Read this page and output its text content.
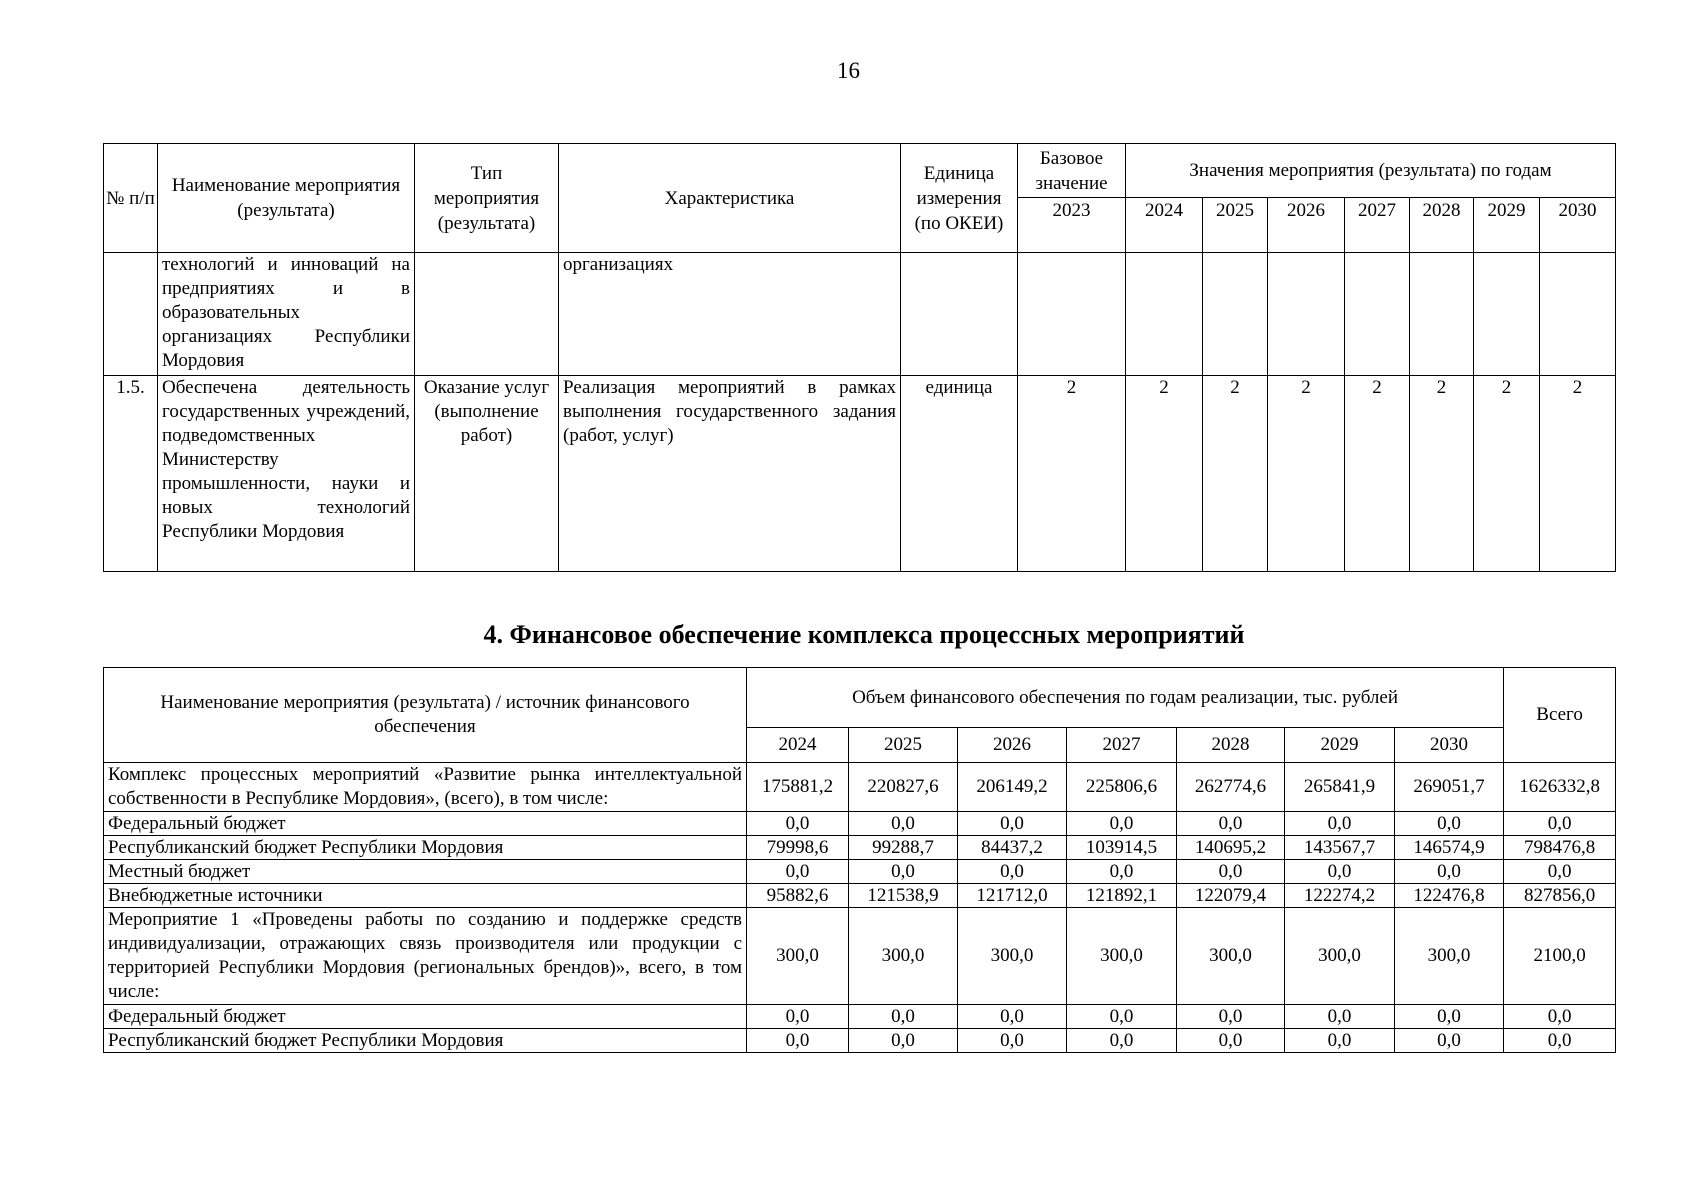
16
№ п/п	Наименование мероприятия (результата)	Тип мероприятия (результата)	Характеристика	Единица измерения (по ОКЕИ)	Базовое значение	Значения мероприятия (результата) по годам						
					2023	2024	2025	2026	2027	2028	2029	2030
	технологий и инноваций на предприятиях и в образовательных организациях Республики Мордовия		организациях									
1.5.	Обеспечена деятельность государственных учреждений, подведомственных Министерству промышленности, науки и новых технологий Республики Мордовия	Оказание услуг (выполнение работ)	Реализация мероприятий в рамках выполнения государственного задания (работ, услуг)	единица	2	2	2	2	2	2	2	2
4. Финансовое обеспечение комплекса процессных мероприятий
Наименование мероприятия (результата) / источник финансового обеспечения	Объем финансового обеспечения по годам реализации, тыс. рублей							Всего
	2024	2025	2026	2027	2028	2029	2030	
Комплекс процессных мероприятий «Развитие рынка интеллектуальной собственности в Республике Мордовия», (всего), в том числе:	175881,2	220827,6	206149,2	225806,6	262774,6	265841,9	269051,7	1626332,8
Федеральный бюджет	0,0	0,0	0,0	0,0	0,0	0,0	0,0	0,0
Республиканский бюджет Республики Мордовия	79998,6	99288,7	84437,2	103914,5	140695,2	143567,7	146574,9	798476,8
Местный бюджет	0,0	0,0	0,0	0,0	0,0	0,0	0,0	0,0
Внебюджетные источники	95882,6	121538,9	121712,0	121892,1	122079,4	122274,2	122476,8	827856,0
Мероприятие 1 «Проведены работы по созданию и поддержке средств индивидуализации, отражающих связь производителя или продукции с территорией Республики Мордовия (региональных брендов)», всего, в том числе:	300,0	300,0	300,0	300,0	300,0	300,0	300,0	2100,0
Федеральный бюджет	0,0	0,0	0,0	0,0	0,0	0,0	0,0	0,0
Республиканский бюджет Республики Мордовия	0,0	0,0	0,0	0,0	0,0	0,0	0,0	0,0
